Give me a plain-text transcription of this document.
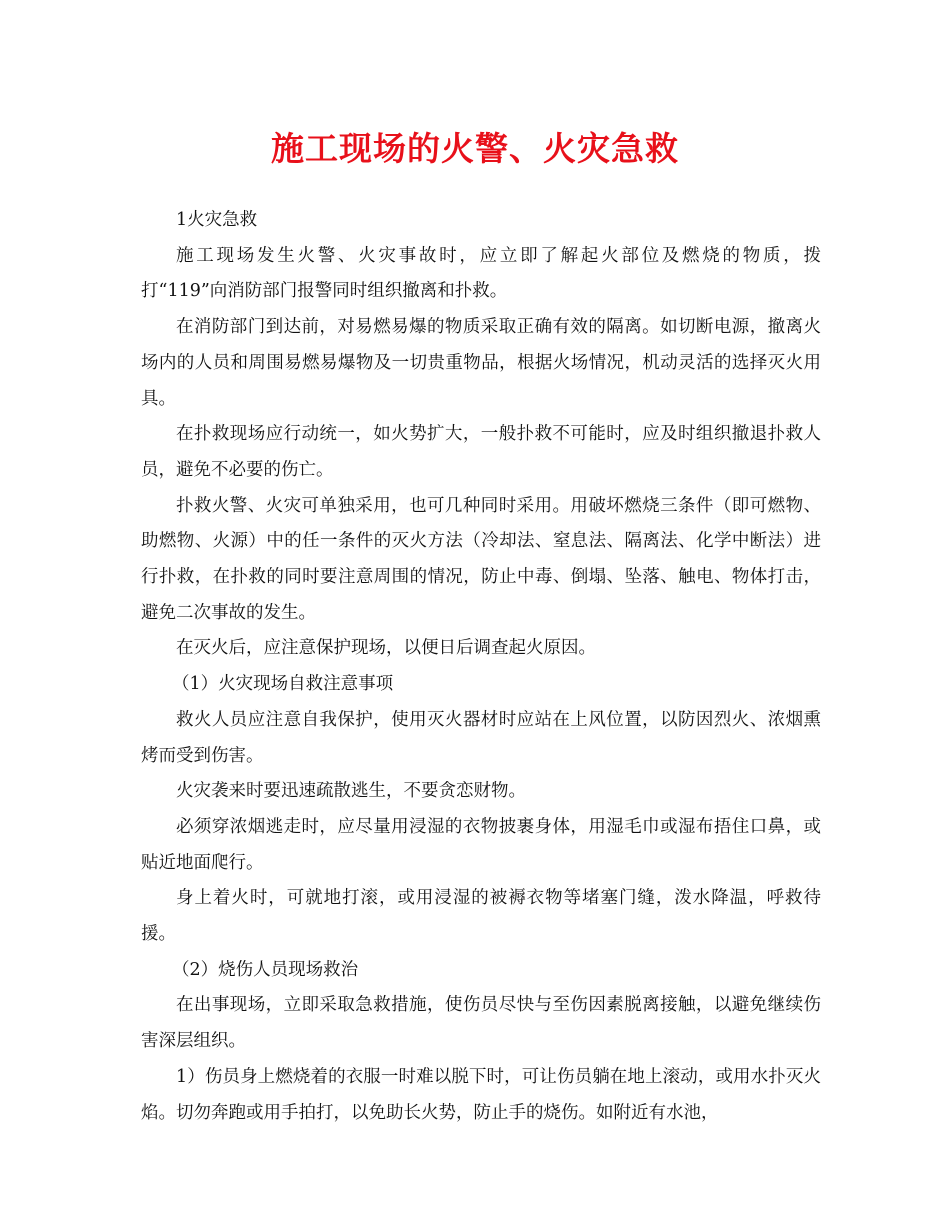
施工现场的火警、火灾急救

1火灾急救

施工现场发生火警、火灾事故时，应立即了解起火部位及燃烧的物质，拨打“119”向消防部门报警同时组织撤离和扑救。

在消防部门到达前，对易燃易爆的物质采取正确有效的隔离。如切断电源，撤离火场内的人员和周围易燃易爆物及一切贵重物品，根据火场情况，机动灵活的选择灭火用具。

在扑救现场应行动统一，如火势扩大，一般扑救不可能时，应及时组织撤退扑救人员，避免不必要的伤亡。

扑救火警、火灾可单独采用，也可几种同时采用。用破坏燃烧三条件（即可燃物、助燃物、火源）中的任一条件的灭火方法（冷却法、窒息法、隔离法、化学中断法）进行扑救，在扑救的同时要注意周围的情况，防止中毒、倒塌、坠落、触电、物体打击，避免二次事故的发生。

在灭火后，应注意保护现场，以便日后调查起火原因。

（1）火灾现场自救注意事项

救火人员应注意自我保护，使用灭火器材时应站在上风位置，以防因烈火、浓烟熏烤而受到伤害。

火灾袭来时要迅速疏散逃生，不要贪恋财物。

必须穿浓烟逃走时，应尽量用浸湿的衣物披裹身体，用湿毛巾或湿布捂住口鼻，或贴近地面爬行。

身上着火时，可就地打滚，或用浸湿的被褥衣物等堵塞门缝，泼水降温，呼救待援。

（2）烧伤人员现场救治

在出事现场，立即采取急救措施，使伤员尽快与至伤因素脱离接触，以避免继续伤害深层组织。

1）伤员身上燃烧着的衣服一时难以脱下时，可让伤员躺在地上滚动，或用水扑灭火焰。切勿奔跑或用手拍打，以免助长火势，防止手的烧伤。如附近有水池，
